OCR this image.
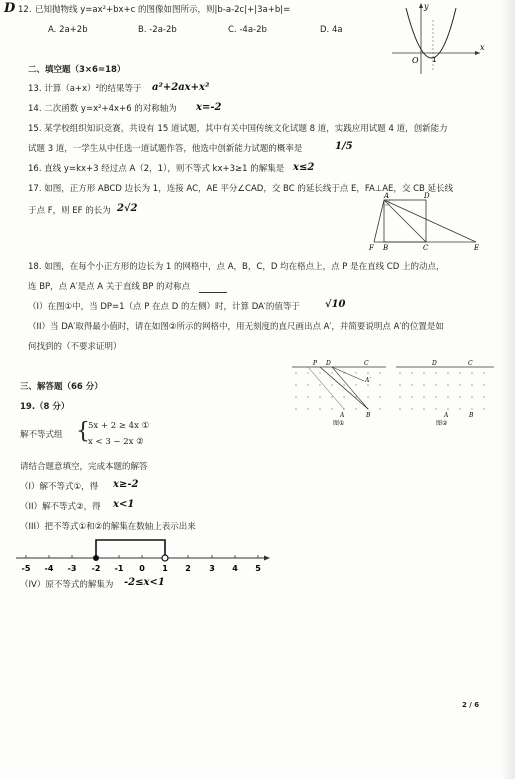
D 12. 已知抛物线 y=ax²+bx+c 的图像如图所示，则|b-a-2c|+|3a+b|=
A. 2a+2b	B. -2a-2b	C. -4a-2b	D. 4a
O
y
x
1
二、填空题（3×6=18）
13. 计算（a+x）²的结果等于 a²+2ax+x²
14. 二次函数 y=x²+4x+6 的对称轴为 x=-2
15. 某学校组织知识竞赛，共设有 15 道试题，其中有关中国传统文化试题 8 道，实践应用试题 4 道，创新能力
试题 3 道，一学生从中任选一道试题作答，他选中创新能力试题的概率是	1/5
16. 直线 y=kx+3 经过点 A（2，1），则不等式 kx+3≥1 的解集是 x≤2
17. 如图，正方形 ABCD 边长为 1，连接 AC，AE 平分∠CAD，交 BC 的延长线于点 E，FA⊥AE，交 CB 延长线
于点 F，则 EF 的长为 2√2
A	D
F B	C	E
18. 如图，在每个小正方形的边长为 1 的网格中，点 A，B，C，D 均在格点上，点 P 是在直线 CD 上的动点，
连 BP，点 A′是点 A 关于直线 BP 的对称点
（I）在图①中，当 DP=1（点 P 在点 D 的左侧）时，计算 DA′的值等于	√10
（II）当 DA′取得最小值时，请在如图②所示的网格中，用无刻度的直尺画出点 A′，并简要说明点 A′的位置是如
何找到的（不要求证明）
P D	C
A′
A	B
图①
D	C
A	B
图②
三、解答题（66 分）
19.（8 分）
解不等式组 {
5x + 2 ≥ 4x ①
x < 3 − 2x ②
请结合题意填空，完成本题的解答
（I）解不等式①，得 x≥-2
（II）解不等式②，得 x<1
（III）把不等式①和②的解集在数轴上表示出来
-5 -4 -3 -2 -1 0 1 2 3 4 5
（IV）原不等式的解集为 -2≤x<1
2 / 6
